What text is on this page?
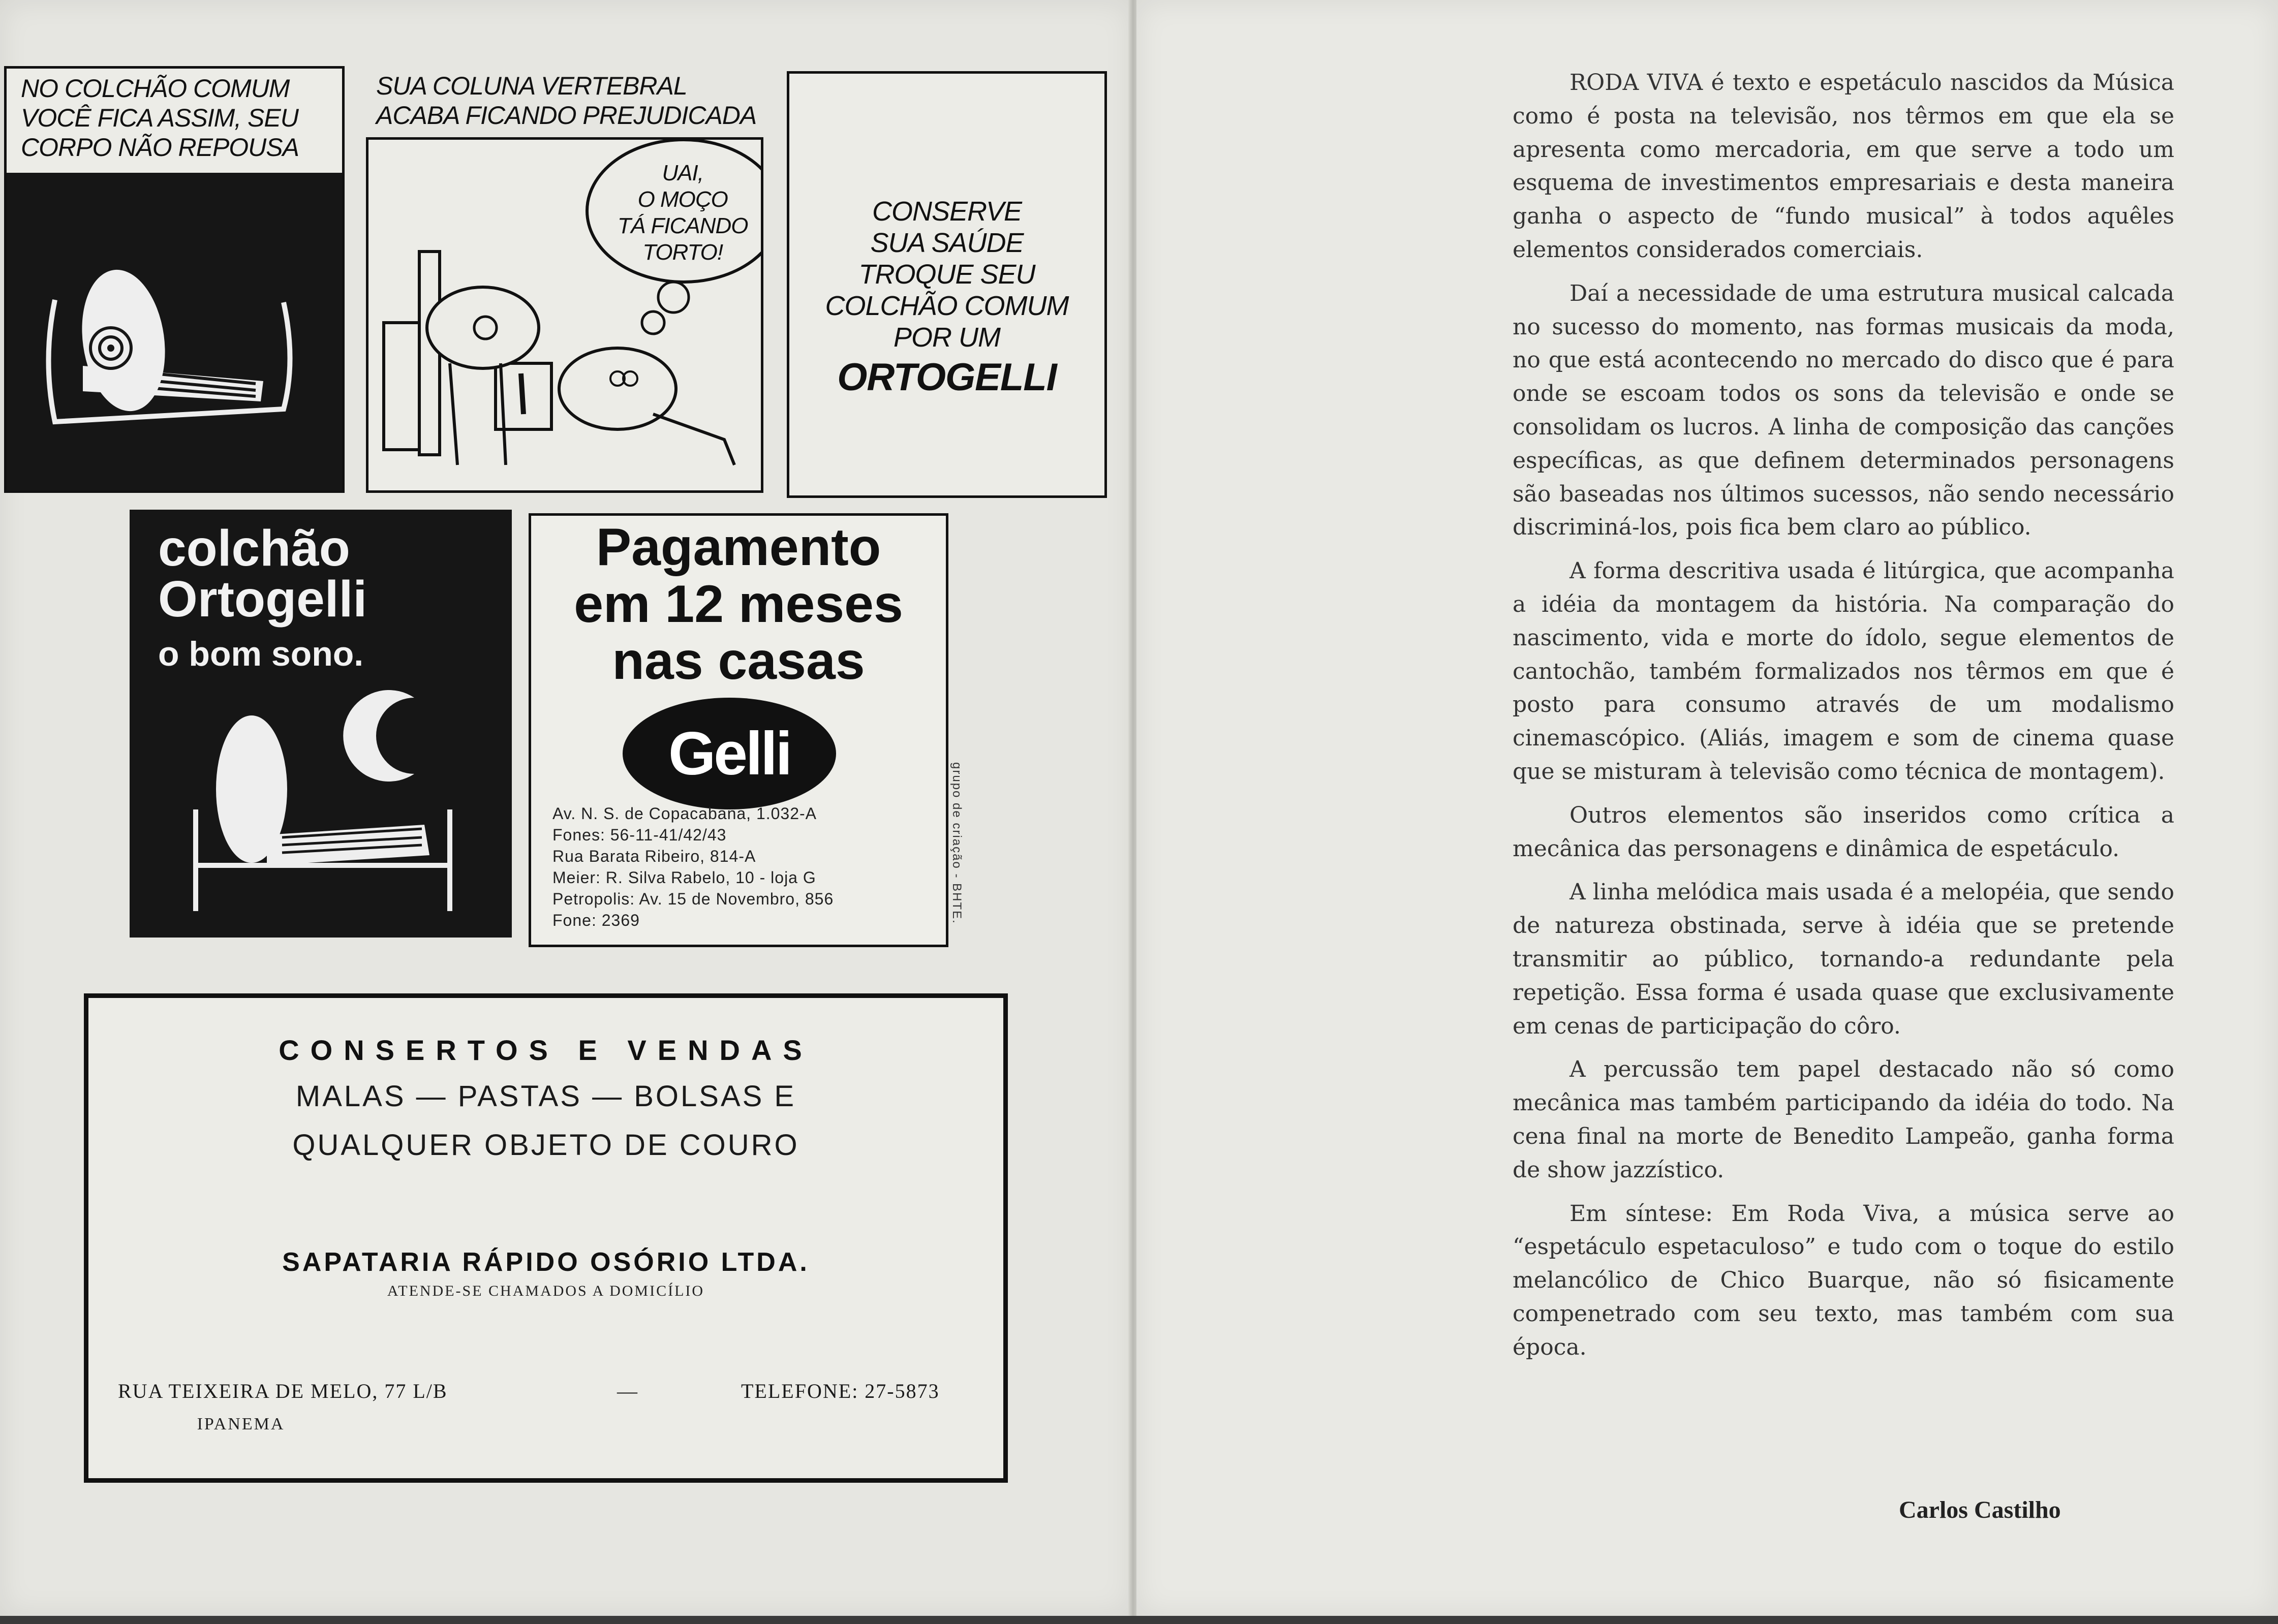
NO COLCHÃO COMUM
VOCÊ FICA ASSIM, SEU
CORPO NÃO REPOUSA
SUA COLUNA VERTEBRAL
ACABA FICANDO PREJUDICADA
UAI,
O MOÇO
TÁ FICANDO
TORTO!
CONSERVE
SUA SAÚDE
TROQUE SEU
COLCHÃO COMUM
POR UM
ORTOGELLI
colchão
Ortogelli
o bom sono.
Pagamento
em 12 meses
nas casas
Gelli
Av. N. S. de Copacabana, 1.032-A
Fones: 56-11-41/42/43
Rua Barata Ribeiro, 814-A
Meier: R. Silva Rabelo, 10 - loja G
Petropolis: Av. 15 de Novembro, 856
Fone: 2369	grupo de criação - BHTE.
CONSERTOS E VENDAS
MALAS — PASTAS — BOLSAS E
QUALQUER OBJETO DE COURO
SAPATARIA RÁPIDO OSÓRIO LTDA.
ATENDE-SE CHAMADOS A DOMICÍLIO
RUA TEIXEIRA DE MELO, 77 L/B	—	TELEFONE: 27-5873
IPANEMA

RODA VIVA é texto e espetáculo nascidos da Música como é posta na televisão, nos têrmos em que ela se apresenta como mercadoria, em que serve a todo um esquema de investimentos empresariais e desta maneira ganha o aspecto de “fundo musical” à todos aquêles elementos considerados comerciais.

Daí a necessidade de uma estrutura musical calcada no sucesso do momento, nas formas musicais da moda, no que está acontecendo no mercado do disco que é para onde se escoam todos os sons da televisão e onde se consolidam os lucros. A linha de composição das canções específicas, as que definem determinados personagens são baseadas nos últimos sucessos, não sendo necessário discriminá-los, pois fica bem claro ao público.

A forma descritiva usada é litúrgica, que acompanha a idéia da montagem da história. Na comparação do nascimento, vida e morte do ídolo, segue elementos de cantochão, também formalizados nos têrmos em que é posto para consumo através de um modalismo cinemascópico. (Aliás, imagem e som de cinema quase que se misturam à televisão como técnica de montagem).

Outros elementos são inseridos como crítica a mecânica das personagens e dinâmica de espetáculo.

A linha melódica mais usada é a melopéia, que sendo de natureza obstinada, serve à idéia que se pretende transmitir ao público, tornando-a redundante pela repetição. Essa forma é usada quase que exclusivamente em cenas de participação do côro.

A percussão tem papel destacado não só como mecânica mas também participando da idéia do todo. Na cena final na morte de Benedito Lampeão, ganha forma de show jazzístico.

Em síntese: Em Roda Viva, a música serve ao “espetáculo espetaculoso” e tudo com o toque do estilo melancólico de Chico Buarque, não só fisicamente compenetrado com seu texto, mas também com sua época.

Carlos Castilho
